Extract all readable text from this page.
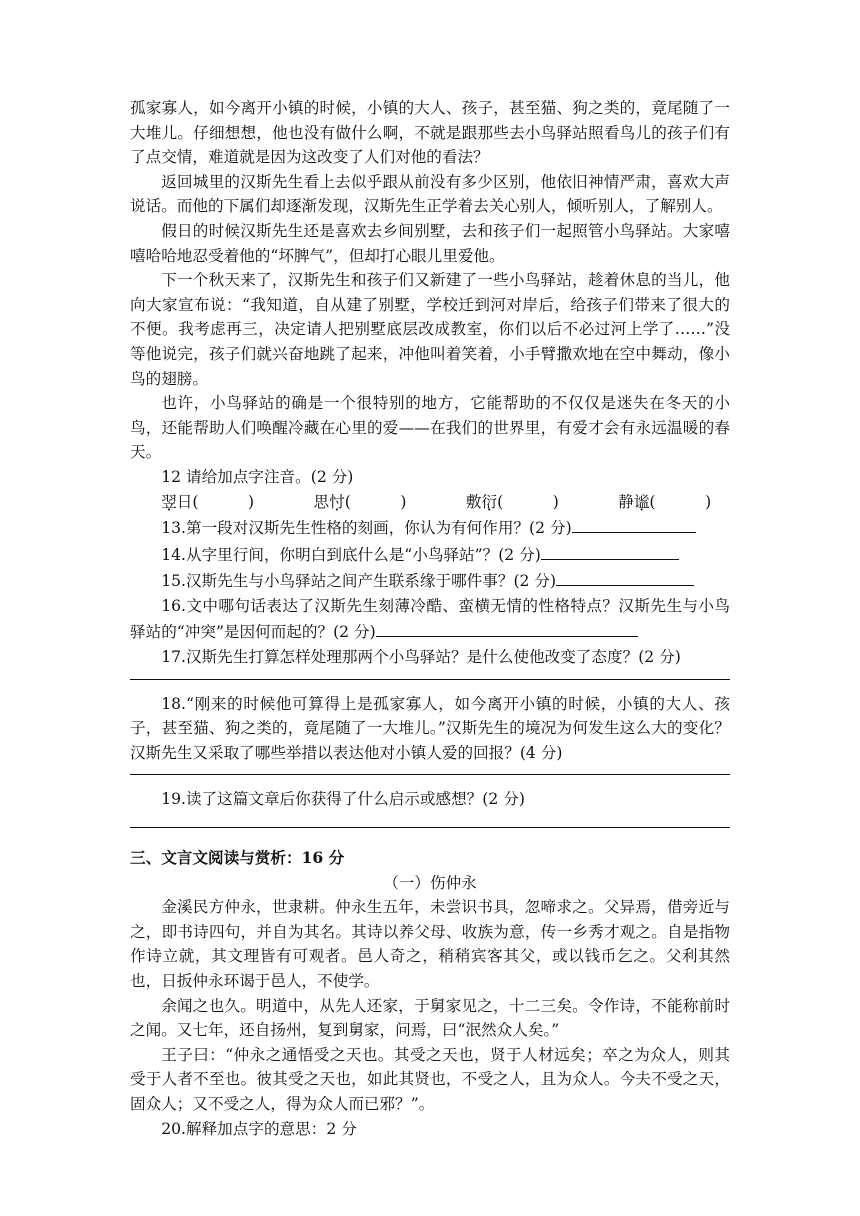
孤家寡人，如今离开小镇的时候，小镇的大人、孩子，甚至猫、狗之类的，竟尾随了一大堆儿。仔细想想，他也没有做什么啊，不就是跟那些去小鸟驿站照看鸟儿的孩子们有了点交情，难道就是因为这改变了人们对他的看法？

返回城里的汉斯先生看上去似乎跟从前没有多少区别，他依旧神情严肃，喜欢大声说话。而他的下属们却逐渐发现，汉斯先生正学着去关心别人，倾听别人，了解别人。

假日的时候汉斯先生还是喜欢去乡间别墅，去和孩子们一起照管小鸟驿站。大家嘻嘻哈哈地忍受着他的“坏脾气”，但却打心眼儿里爱他。

下一个秋天来了，汉斯先生和孩子们又新建了一些小鸟驿站，趁着休息的当儿，他向大家宣布说：“我知道，自从建了别墅，学校迁到河对岸后，给孩子们带来了很大的不便。我考虑再三，决定请人把别墅底层改成教室，你们以后不必过河上学了……”没等他说完，孩子们就兴奋地跳了起来，冲他叫着笑着，小手臂撒欢地在空中舞动，像小鸟的翅膀。

也许，小鸟驿站的确是一个很特别的地方，它能帮助的不仅仅是迷失在冬天的小鸟，还能帮助人们唤醒冷藏在心里的爱——在我们的世界里，有爱才会有永远温暖的春天。

12 请给加点字注音。(2 分)

翌日(          )	思忖(          )	敷衍(          )	静谧(          )

13.第一段对汉斯先生性格的刻画，你认为有何作用？(2 分)

14.从字里行间，你明白到底什么是“小鸟驿站”？(2 分)

15.汉斯先生与小鸟驿站之间产生联系缘于哪件事？(2 分)

16.文中哪句话表达了汉斯先生刻薄冷酷、蛮横无情的性格特点？汉斯先生与小鸟驿站的“冲突”是因何而起的？(2 分)

17.汉斯先生打算怎样处理那两个小鸟驿站？是什么使他改变了态度？(2 分)

18.“刚来的时候他可算得上是孤家寡人，如今离开小镇的时候，小镇的大人、孩子，甚至猫、狗之类的，竟尾随了一大堆儿。”汉斯先生的境况为何发生这么大的变化？汉斯先生又采取了哪些举措以表达他对小镇人爱的回报？(4 分)

19.读了这篇文章后你获得了什么启示或感想？(2 分)

三、文言文阅读与赏析：16 分

（一）伤仲永

金溪民方仲永，世隶耕。仲永生五年，未尝识书具，忽啼求之。父异焉，借旁近与之，即书诗四句，并自为其名。其诗以养父母、收族为意，传一乡秀才观之。自是指物作诗立就，其文理皆有可观者。邑人奇之，稍稍宾客其父，或以钱币乞之。父利其然也，日扳仲永环谒于邑人，不使学。

余闻之也久。明道中，从先人还家，于舅家见之，十二三矣。令作诗，不能称前时之闻。又七年，还自扬州，复到舅家，问焉，曰“泯然众人矣。”

王子曰：“仲永之通悟受之天也。其受之天也，贤于人材远矣；卒之为众人，则其受于人者不至也。彼其受之天也，如此其贤也，不受之人，且为众人。今夫不受之天，固众人；又不受之人，得为众人而已邪？”。

20.解释加点字的意思：2 分
